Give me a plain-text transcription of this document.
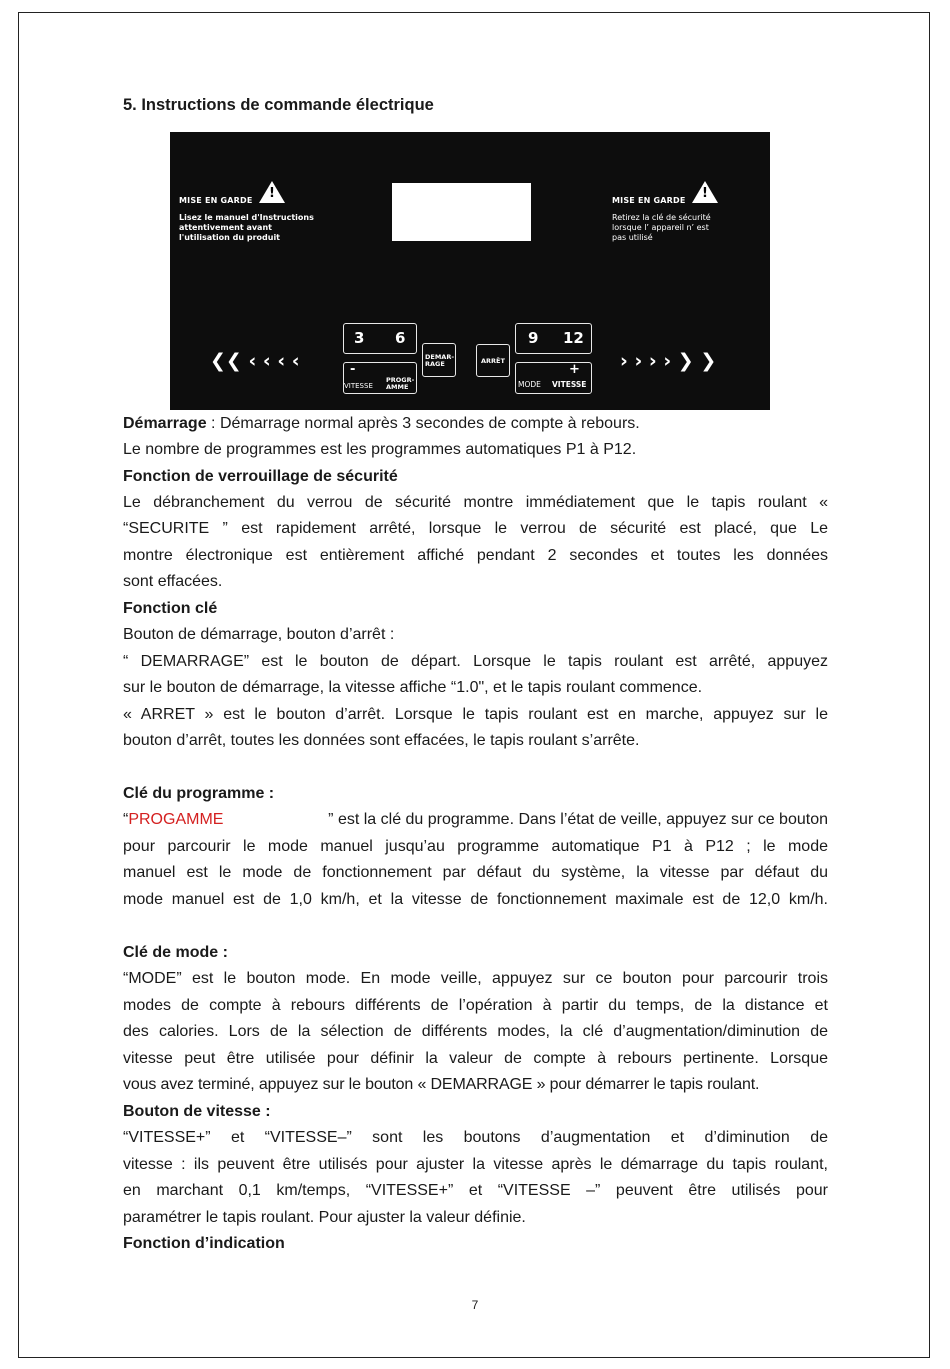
5. Instructions de commande électrique
MISE EN GARDE !
Lisez le manuel d'Instructions
attentivement avant
l'utilisation du produit
MISE EN GARDE !
Retirez la clé de sécurité
lorsque l’ appareil n’ est
pas utilisé
❮❮ ‹ ‹ ‹ ‹
3 6
-
VITESSE
PROGR-
AMME
DEMAR-
RAGE	ARRÊT
9 12
+
MODE VITESSE
› › › › ❯ ❯
Démarrage : Démarrage normal après 3 secondes de compte à rebours.
Le nombre de programmes est les programmes automatiques P1 à P12.
Fonction de verrouillage de sécurité
Le débranchement du verrou de sécurité montre immédiatement que le tapis roulant «
“SECURITE ” est rapidement arrêté, lorsque le verrou de sécurité est placé, que Le
montre électronique est entièrement affiché pendant 2 secondes et toutes les données
sont effacées.
Fonction clé
Bouton de démarrage, bouton d’arrêt :
“ DEMARRAGE” est le bouton de départ. Lorsque le tapis roulant est arrêté, appuyez
sur le bouton de démarrage, la vitesse affiche “1.0", et le tapis roulant commence.
« ARRET » est le bouton d’arrêt. Lorsque le tapis roulant est en marche, appuyez sur le
bouton d’arrêt, toutes les données sont effacées, le tapis roulant s’arrête.
Clé du programme :
“PROGAMME	” est la clé du programme. Dans l’état de veille, appuyez sur ce bouton
pour parcourir le mode manuel jusqu’au programme automatique P1 à P12 ; le mode
manuel est le mode de fonctionnement par défaut du système, la vitesse par défaut du
mode manuel est de 1,0 km/h, et la vitesse de fonctionnement maximale est de 12,0 km/h.
Clé de mode :
“MODE” est le bouton mode. En mode veille, appuyez sur ce bouton pour parcourir trois
modes de compte à rebours différents de l’opération à partir du temps, de la distance et
des calories. Lors de la sélection de différents modes, la clé d’augmentation/diminution de
vitesse peut être utilisée pour définir la valeur de compte à rebours pertinente. Lorsque
vous avez terminé, appuyez sur le bouton « DEMARRAGE » pour démarrer le tapis roulant.
Bouton de vitesse :
“VITESSE+” et “VITESSE–” sont les boutons d’augmentation et d’diminution de
vitesse : ils peuvent être utilisés pour ajuster la vitesse après le démarrage du tapis roulant,
en marchant 0,1 km/temps, “VITESSE+” et “VITESSE –” peuvent être utilisés pour
paramétrer le tapis roulant. Pour ajuster la valeur définie.
Fonction d’indication
7
